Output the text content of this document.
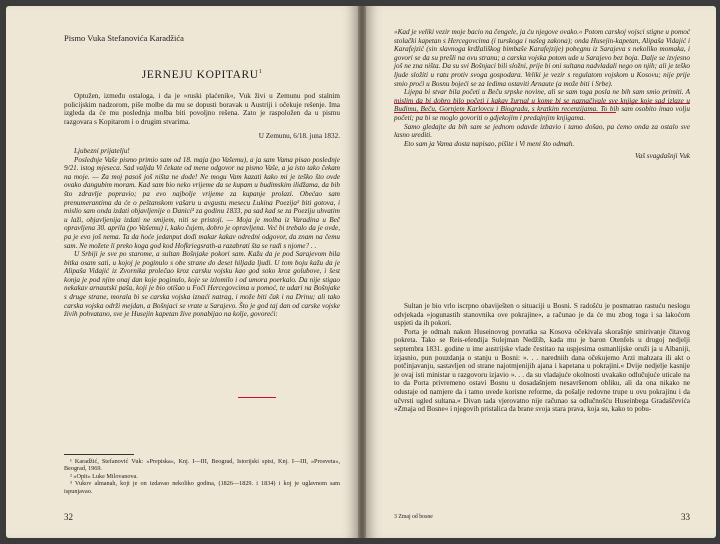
Pismo Vuka Stefanovića Karadžića
JERNEJU KOPITARU$^1$

Optužen, između ostaloga, i da je »ruski plaćenik«, Vuk živi u Zemunu pod stalnim policijskim nadzorom, piše molbe da mu se dopusti boravak u Austriji i očekuje rešenje. Ima izgleda da će mu poslednja molba biti povoljno rešena. Zato je raspoložen da u pismu razgovara s Kopitarom i o drugim stvarima.

U Zemunu, 6/18. juna 1832.

Ljubezni prijatelju!

Poslednje Vaše pismo primio sam od 18. maja (po Vašemu), a ja sam Vama pisao poslednje 9/21. istog mjeseca. Sad valjda Vi čekate od mene odgovor na pismo Vaše, a ja isto tako čekam na moje. — Za moj pasoš još ništa ne dođe! Ne mogu Vam kazati kako mi je teško što ovde ovako dangubim moram. Kad sam bio neko vrijeme da se kupam u budimskim ilidžama, da bih što zdravlje popravio; pa evo najbolje vrijeme za kupanje prolazi. Obećao sam prenumerantima da će o peštanskom vašaru u avgustu mesecu Lukina Poezija² biti gotova, i mislio sam onda izdati objavljenije o Danici³ za godinu 1833, pa sad kad se za Poeziju uhvatim u laži, objavljenija izdati ne smijem, niti se pristoji. — Moja je molba iz Varadina u Beč opravljena 30. aprila (po Vašemu) i, kako čujem, dobro je opravljena. Već bi trebalo da je ovde, pa je evo još nema. Ta da hoće jedanput dođi makar kakav odredni odgovor, da znam na čemu sam. Ne možete li preko koga god kod Hofkriegsrath-a razabrati šta se radi s njome? . .

U Srbiji je sve po starome, a sultan Bošnjake pokori sam. Kažu da je pod Sarajevom bila bitka osam sati, u kojoj je poginulo s obe strane do deset hiljada ljudi. U tom boju kažu da je Alipaša Vidajić iz Zvornika prolečao kroz carsku vojsku kao god soko kroz golubove, i šest konja je pod njim onaj dan koje poginulo, koje se izlomilo i od umora poerkalo. Da nije stigao nekakav arnautski paša, koji je bio otišao u Foči Hercegovcima u pomoć, te udari na Bošnjake s druge strane, morala bi se carska vojska iznaći natrag, i može biti čak i na Drinu; ali tako carska vojska održi mejdan, a Bošnjaci se vrate u Sarajevo. Što je god taj dan od carske vojske živih pohvatano, sve je Husejin kapetan žive ponabijao na kolje, govoreći:

¹ Karadžić, Stefanović Vuk: »Prepiska«, Knj. I—III, Beograd, Istorijski spisi, Knj. I—III, »Prosveta«, Beograd, 1969.

² »Opit« Luke Milovanova.

³ Vukov almanah, koji je on izdavao nekoliko godina, (1826—1829. i 1834) i koj je uglavnom sam ispunjavao.

32

»Kad je veliki vezir moje bacio na čengele, ja ću njegove ovako.« Potom carskoj vojsci stigne u pomoć stolački kapetan s Hercegovcima (i turskoga i našeg zakona); onda Husejin-kapetan, Alipaša Vidajić i Karafejzić (sin slavnoga krdžališkog bimbaše Karafejzije) pobegnu iz Sarajeva s nekoliko momaka, i govori se da su prešli na ovu stranu; a carska vojska potom ude u Sarajevo bez boja. Dalje se izvjesno još ne zna ništa. Da su svi Bošnjaci bili složni, prije bi oni sultana nadvladali nego on njih; ali je teško ljude složiti u ratu protiv svoga gospodara. Veliki je vezir s regulatom vojskom u Kosovu; nije prije smio proći u Bosnu bojeći se za ledima ostaviti Arnaute (a može biti i Srbe).

Lijepa bi stvar bila početi u Beču srpske novine, ali se sam toga posla ne bih sam smio primiti. A mislim da bi dobro bilo početi i kakav žurnal u kome bi se naznačivale sve knjige koje sad izlaze u Budimu, Beču, Gornjem Karlovcu i Biogradu, s kratkim recenzijama. To bih sam osobito imao volju početi; pa bi se moglo govoriti o gdjekojim i predajnjim knjigama.

Samo gledajte da bih sam se jednom odavde izbavio i tamo došao, pa ćemo onda za ostalo sve lasno urediti.

Eto sam ja Vama dosta napisao, pišite i Vi meni što odmah.

Vaš svagdašnji Vuk

Sultan je bio vrlo iscrpno obaviješten o situaciji u Bosni. S radošću je posmatrao rastuću neslogu odvjekada »jogunastih stanovnika ove pokrajine«, a računao je da će mu zbog toga i sa lakoćom uspjeti da ih pokori.

Porta je odmah nakon Huseinovog povratka sa Kosova očekivala skorašnje smirivanje čitavog pokreta. Tako se Reis-efendija Sulejman Nedžib, kada mu je baron Otenfels u drugoj nedjelji septembra 1831. godine u ime austrijske vlade čestitao na uspjesima osmanlijske oruži ja u Albaniji, izjasnio, pun pouzdanja o stanju u Bosni: ». . . naredniih dana očekujemo Arzi mahzara ili akt o potčinjavanju, sastavljen od strane najotmjenijih ajana i kapetana u pokrajini.« Dvije nedjelje kasnije je ovaj isti ministar u razgovoru izjavio ». . . da su vladajuće okolnosti uvakako odlučujuće uticale na to da Porta privremeno ostavi Bosnu u dosadašnjem nesavršenom obliku, ali da ona nikako ne odustaje od namjere da i tamo uvede korisne reforme, da pošalje redovne trupe u ovu pokrajinu i da učvrsti ugled sultana.« Divan tada vjerovatno nije računao sa odlučnošću Huseinbega Gradaščevića »Zmaja od Bosne« i njegovih pristalica da brane svoja stara prava, koja su, kako to pobu-

3 Zmaj od bosne	33
